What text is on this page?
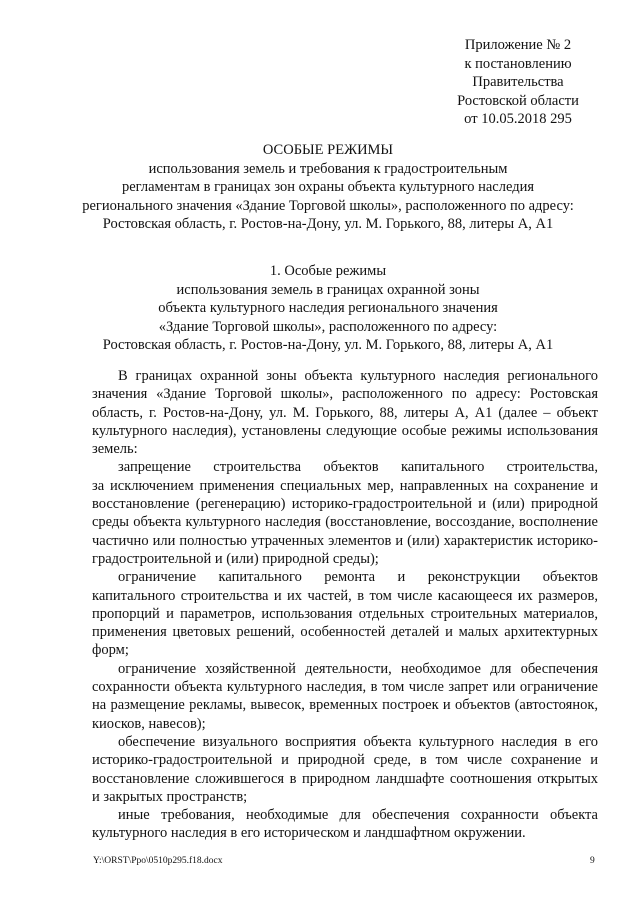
Приложение № 2
к постановлению
Правительства
Ростовской области
от 10.05.2018 295
ОСОБЫЕ РЕЖИМЫ
использования земель и требования к градостроительным
регламентам в границах зон охраны объекта культурного наследия
регионального значения «Здание Торговой школы», расположенного по адресу:
Ростовская область, г. Ростов-на-Дону, ул. М. Горького, 88, литеры А, А1
1. Особые режимы
использования земель в границах охранной зоны
объекта культурного наследия регионального значения
«Здание Торговой школы», расположенного по адресу:
Ростовская область, г. Ростов-на-Дону, ул. М. Горького, 88, литеры А, А1
В границах охранной зоны объекта культурного наследия регионального
значения «Здание Торговой школы», расположенного по адресу: Ростовская
область, г. Ростов-на-Дону, ул. М. Горького, 88, литеры А, А1 (далее – объект
культурного наследия), установлены следующие особые режимы использования
земель:
запрещение строительства объектов капитального строительства,
за исключением применения специальных мер, направленных на сохранение и
восстановление (регенерацию) историко-градостроительной и (или) природной
среды объекта культурного наследия (восстановление, воссоздание, восполнение
частично или полностью утраченных элементов и (или) характеристик историко-
градостроительной и (или) природной среды);
ограничение капитального ремонта и реконструкции объектов
капитального строительства и их частей, в том числе касающееся их размеров,
пропорций и параметров, использования отдельных строительных материалов,
применения цветовых решений, особенностей деталей и малых архитектурных
форм;
ограничение хозяйственной деятельности, необходимое для обеспечения
сохранности объекта культурного наследия, в том числе запрет или ограничение
на размещение рекламы, вывесок, временных построек и объектов (автостоянок,
киосков, навесов);
обеспечение визуального восприятия объекта культурного наследия в его
историко-градостроительной и природной среде, в том числе сохранение и
восстановление сложившегося в природном ландшафте соотношения открытых
и закрытых пространств;
иные требования, необходимые для обеспечения сохранности объекта
культурного наследия в его историческом и ландшафтном окружении.
Y:\ORST\Ppo\0510p295.f18.docx	9
